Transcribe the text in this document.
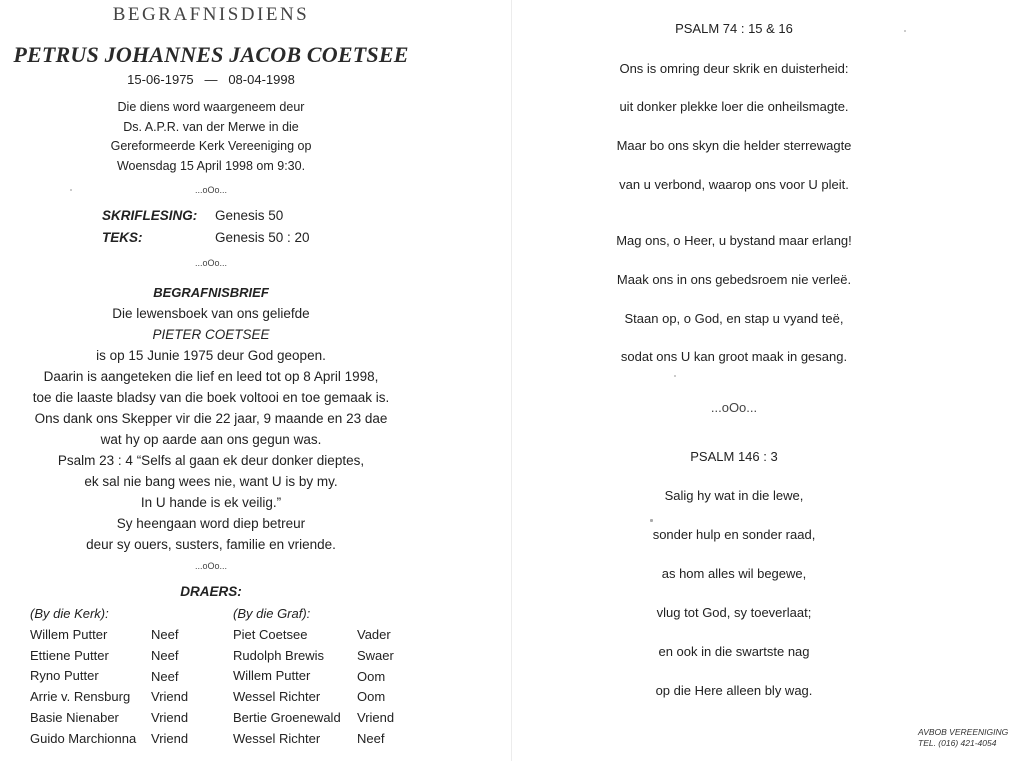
BEGRAFNISDIENS
PETRUS JOHANNES JACOB COETSEE
15-06-1975   —   08-04-1998
Die diens word waargeneem deur
Ds. A.P.R. van der Merwe in die
Gereformeerde Kerk Vereeniging op
Woensdag 15 April 1998 om 9:30.
...oOo...
SKRIFLESING: Genesis 50
TEKS:	Genesis 50 : 20
...oOo...
BEGRAFNISBRIEF
Die lewensboek van ons geliefde
PIETER COETSEE
is op 15 Junie 1975 deur God geopen.
Daarin is aangeteken die lief en leed tot op 8 April 1998,
toe die laaste bladsy van die boek voltooi en toe gemaak is.
Ons dank ons Skepper vir die 22 jaar, 9 maande en 23 dae
wat hy op aarde aan ons gegun was.
Psalm 23 : 4 “Selfs al gaan ek deur donker dieptes,
ek sal nie bang wees nie, want U is by my.
In U hande is ek veilig.”
Sy heengaan word diep betreur
deur sy ouers, susters, familie en vriende.
...oOo...
DRAERS:
(By die Kerk):
Willem Putter
Ettiene Putter
Ryno Putter
Arrie v. Rensburg
Basie Nienaber
Guido Marchionna
Neef
Neef
Neef
Vriend
Vriend
Vriend
(By die Graf):
Piet Coetsee
Rudolph Brewis
Willem Putter
Wessel Richter
Bertie Groenewald
Wessel Richter
Vader
Swaer
Oom
Oom
Vriend
Neef
PSALM 74 : 15 & 16
Ons is omring deur skrik en duisterheid:
uit donker plekke loer die onheilsmagte.
Maar bo ons skyn die helder sterrewagte
van u verbond, waarop ons voor U pleit.
Mag ons, o Heer, u bystand maar erlang!
Maak ons in ons gebedsroem nie verleë.
Staan op, o God, en stap u vyand teë,
sodat ons U kan groot maak in gesang.
...oOo...
PSALM 146 : 3
Salig hy wat in die lewe,
sonder hulp en sonder raad,
as hom alles wil begewe,
vlug tot God, sy toeverlaat;
en ook in die swartste nag
op die Here alleen bly wag.
AVBOB VEREENIGING
TEL. (016) 421-4054
